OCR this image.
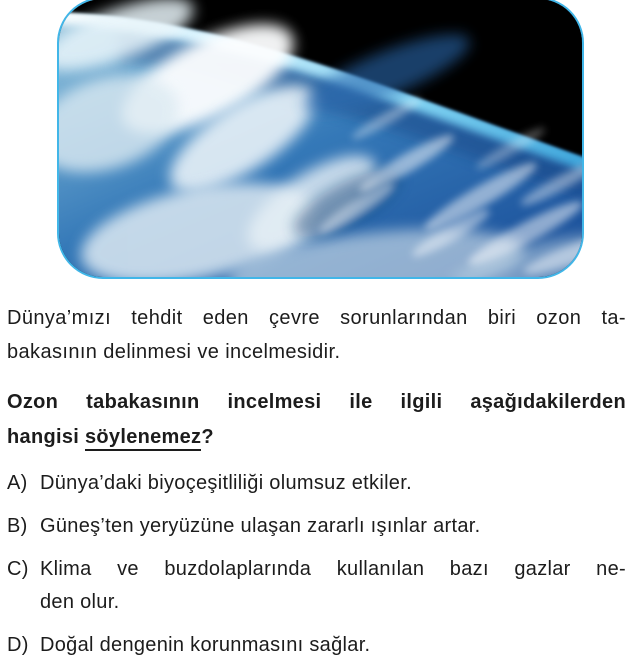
Dünya’mızı tehdit eden çevre sorunlarından biri ozon ta-
bakasının delinmesi ve incelmesidir.

Ozon tabakasının incelmesi ile ilgili aşağıdakilerden
hangisi söylenemez?

A) Dünya’daki biyoçeşitliliği olumsuz etkiler.
B) Güneş’ten yeryüzüne ulaşan zararlı ışınlar artar.
C) Klima ve buzdolaplarında kullanılan bazı gazlar ne-
den olur.
D) Doğal dengenin korunmasını sağlar.
